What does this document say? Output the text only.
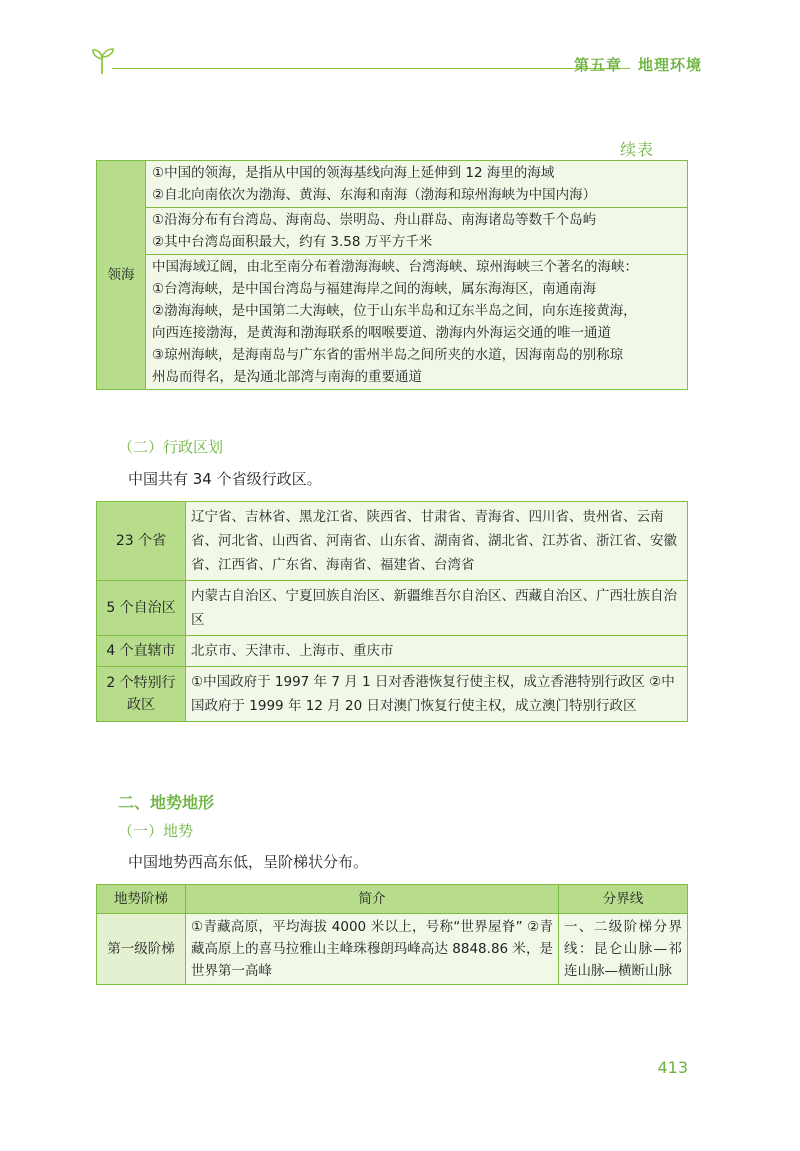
第五章　地理环境
续表
领海	
①中国的领海，是指从中国的领海基线向海上延伸到 12 海里的海域
②自北向南依次为渤海、黄海、东海和南海（渤海和琼州海峡为中国内海）

①沿海分布有台湾岛、海南岛、崇明岛、舟山群岛、南海诸岛等数千个岛屿
②其中台湾岛面积最大，约有 3.58 万平方千米

中国海域辽阔，由北至南分布着渤海海峡、台湾海峡、琼州海峡三个著名的海峡：
①台湾海峡，是中国台湾岛与福建海岸之间的海峡，属东海海区，南通南海
②渤海海峡，是中国第二大海峡，位于山东半岛和辽东半岛之间，向东连接黄海，
向西连接渤海，是黄海和渤海联系的咽喉要道、渤海内外海运交通的唯一通道
③琼州海峡，是海南岛与广东省的雷州半岛之间所夹的水道，因海南岛的别称琼
州岛而得名，是沟通北部湾与南海的重要通道
（二）行政区划
中国共有 34 个省级行政区。
23 个省	辽宁省、吉林省、黑龙江省、陕西省、甘肃省、青海省、四川省、贵州省、云南省、河北省、山西省、河南省、山东省、湖南省、湖北省、江苏省、浙江省、安徽省、江西省、广东省、海南省、福建省、台湾省
5 个自治区	内蒙古自治区、宁夏回族自治区、新疆维吾尔自治区、西藏自治区、广西壮族自治区
4 个直辖市	北京市、天津市、上海市、重庆市
2 个特别行政区	①中国政府于 1997 年 7 月 1 日对香港恢复行使主权，成立香港特别行政区 ②中国政府于 1999 年 12 月 20 日对澳门恢复行使主权，成立澳门特别行政区
二、地势地形
（一）地势
中国地势西高东低，呈阶梯状分布。
地势阶梯	简介	分界线
第一级阶梯	①青藏高原，平均海拔 4000 米以上，号称“世界屋脊” ②青藏高原上的喜马拉雅山主峰珠穆朗玛峰高达 8848.86 米，是世界第一高峰	一、二级阶梯分界线：昆仑山脉—祁连山脉—横断山脉
413
